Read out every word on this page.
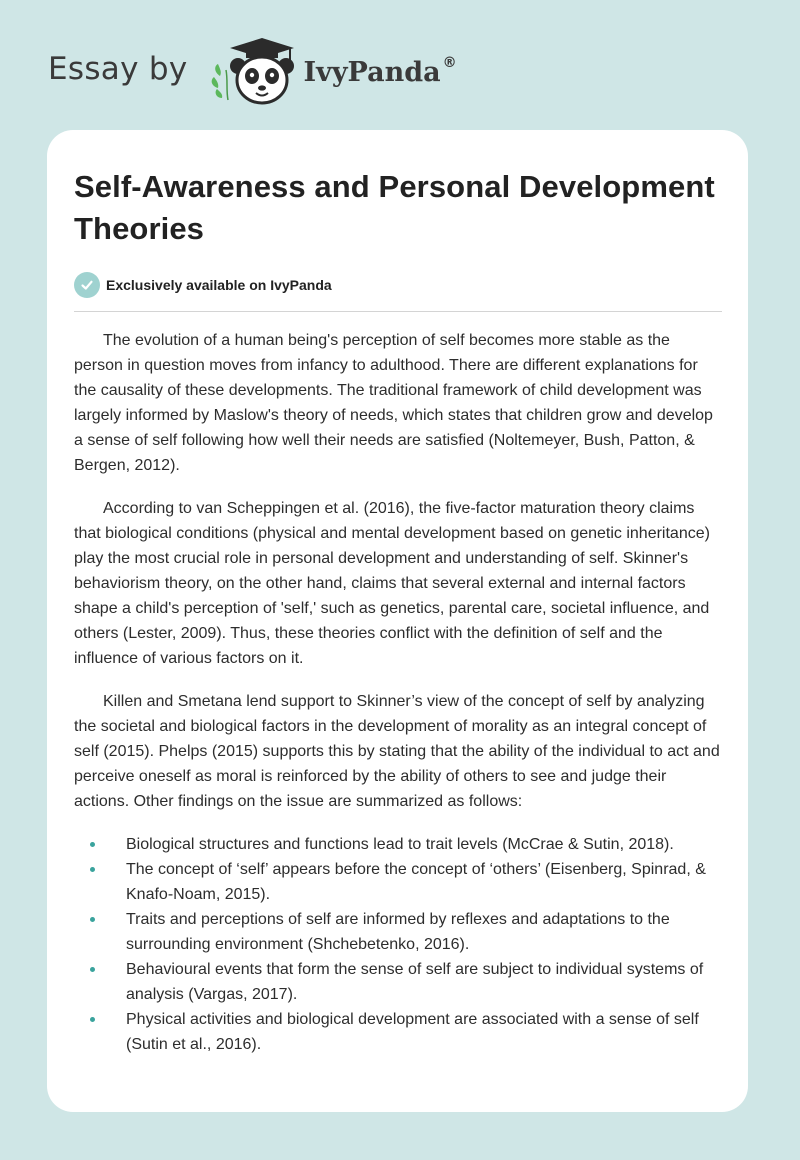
Essay by	IvyPanda ®
Self-Awareness and Personal Development Theories
Exclusively available on IvyPanda

The evolution of a human being's perception of self becomes more stable as the person in question moves from infancy to adulthood. There are different explanations for the causality of these developments. The traditional framework of child development was largely informed by Maslow's theory of needs, which states that children grow and develop a sense of self following how well their needs are satisfied (Noltemeyer, Bush, Patton, & Bergen, 2012).

According to van Scheppingen et al. (2016), the five-factor maturation theory claims that biological conditions (physical and mental development based on genetic inheritance) play the most crucial role in personal development and understanding of self. Skinner's behaviorism theory, on the other hand, claims that several external and internal factors shape a child's perception of 'self,' such as genetics, parental care, societal influence, and others (Lester, 2009). Thus, these theories conflict with the definition of self and the influence of various factors on it.

Killen and Smetana lend support to Skinner’s view of the concept of self by analyzing the societal and biological factors in the development of morality as an integral concept of self (2015). Phelps (2015) supports this by stating that the ability of the individual to act and perceive oneself as moral is reinforced by the ability of others to see and judge their actions. Other findings on the issue are summarized as follows:

Biological structures and functions lead to trait levels (McCrae & Sutin, 2018).
The concept of ‘self’ appears before the concept of ‘others’ (Eisenberg, Spinrad, & Knafo-Noam, 2015).
Traits and perceptions of self are informed by reflexes and adaptations to the surrounding environment (Shchebetenko, 2016).
Behavioural events that form the sense of self are subject to individual systems of analysis (Vargas, 2017).
Physical activities and biological development are associated with a sense of self (Sutin et al., 2016).
